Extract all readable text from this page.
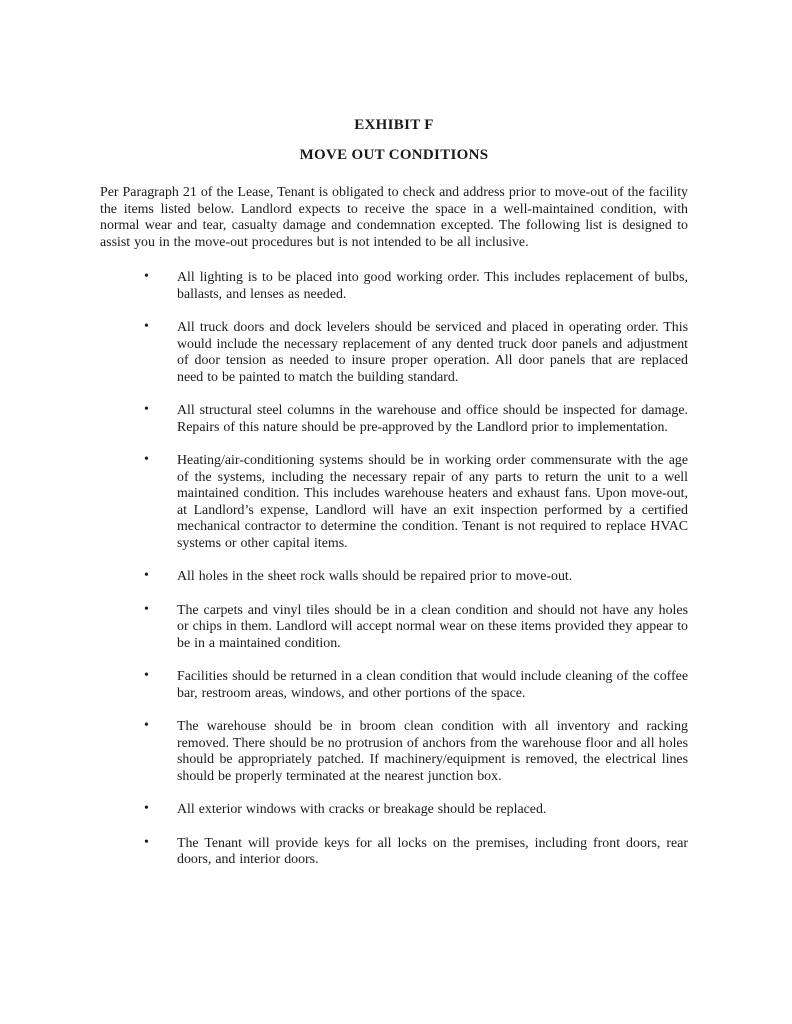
EXHIBIT F
MOVE OUT CONDITIONS
Per Paragraph 21 of the Lease, Tenant is obligated to check and address prior to move-out of the facility the items listed below. Landlord expects to receive the space in a well-maintained condition, with normal wear and tear, casualty damage and condemnation excepted. The following list is designed to assist you in the move-out procedures but is not intended to be all inclusive.
• All lighting is to be placed into good working order. This includes replacement of bulbs, ballasts, and lenses as needed.
• All truck doors and dock levelers should be serviced and placed in operating order. This would include the necessary replacement of any dented truck door panels and adjustment of door tension as needed to insure proper operation. All door panels that are replaced need to be painted to match the building standard.
• All structural steel columns in the warehouse and office should be inspected for damage. Repairs of this nature should be pre-approved by the Landlord prior to implementation.
• Heating/air-conditioning systems should be in working order commensurate with the age of the systems, including the necessary repair of any parts to return the unit to a well maintained condition. This includes warehouse heaters and exhaust fans. Upon move-out, at Landlord’s expense, Landlord will have an exit inspection performed by a certified mechanical contractor to determine the condition. Tenant is not required to replace HVAC systems or other capital items.
• All holes in the sheet rock walls should be repaired prior to move-out.
• The carpets and vinyl tiles should be in a clean condition and should not have any holes or chips in them. Landlord will accept normal wear on these items provided they appear to be in a maintained condition.
• Facilities should be returned in a clean condition that would include cleaning of the coffee bar, restroom areas, windows, and other portions of the space.
• The warehouse should be in broom clean condition with all inventory and racking removed. There should be no protrusion of anchors from the warehouse floor and all holes should be appropriately patched. If machinery/equipment is removed, the electrical lines should be properly terminated at the nearest junction box.
• All exterior windows with cracks or breakage should be replaced.
• The Tenant will provide keys for all locks on the premises, including front doors, rear doors, and interior doors.
